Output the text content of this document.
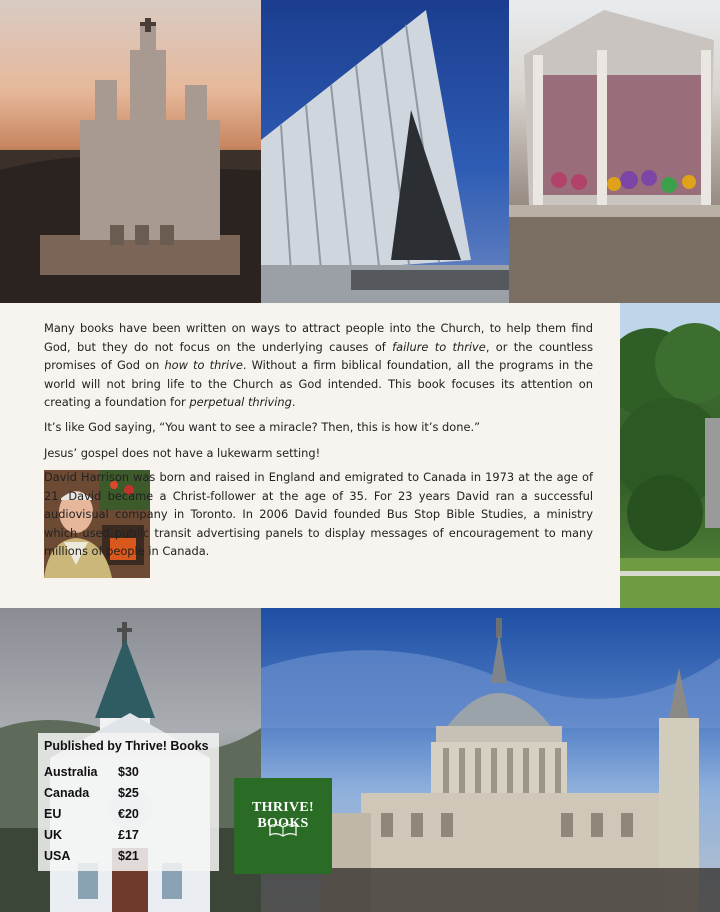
Many books have been written on ways to attract people into the Church, to help them find God, but they do not focus on the underlying causes of failure to thrive, or the countless promises of God on how to thrive. Without a firm biblical foundation, all the programs in the world will not bring life to the Church as God intended. This book focuses its attention on creating a foundation for perpetual thriving.

It’s like God saying, “You want to see a miracle? Then, this is how it’s done.”

Jesus’ gospel does not have a lukewarm setting!

David Harrison was born and raised in England and emigrated to Canada in 1973 at the age of 21. David became a Christ-follower at the age of 35. For 23 years David ran a successful audiovisual company in Toronto. In 2006 David founded Bus Stop Bible Studies, a ministry which used public transit advertising panels to display messages of encouragement to many millions of people in Canada.

Published by Thrive! Books
Australia $30
Canada $25
EU	€20
UK	£17
USA	$21
THRIVE! BOOKS
